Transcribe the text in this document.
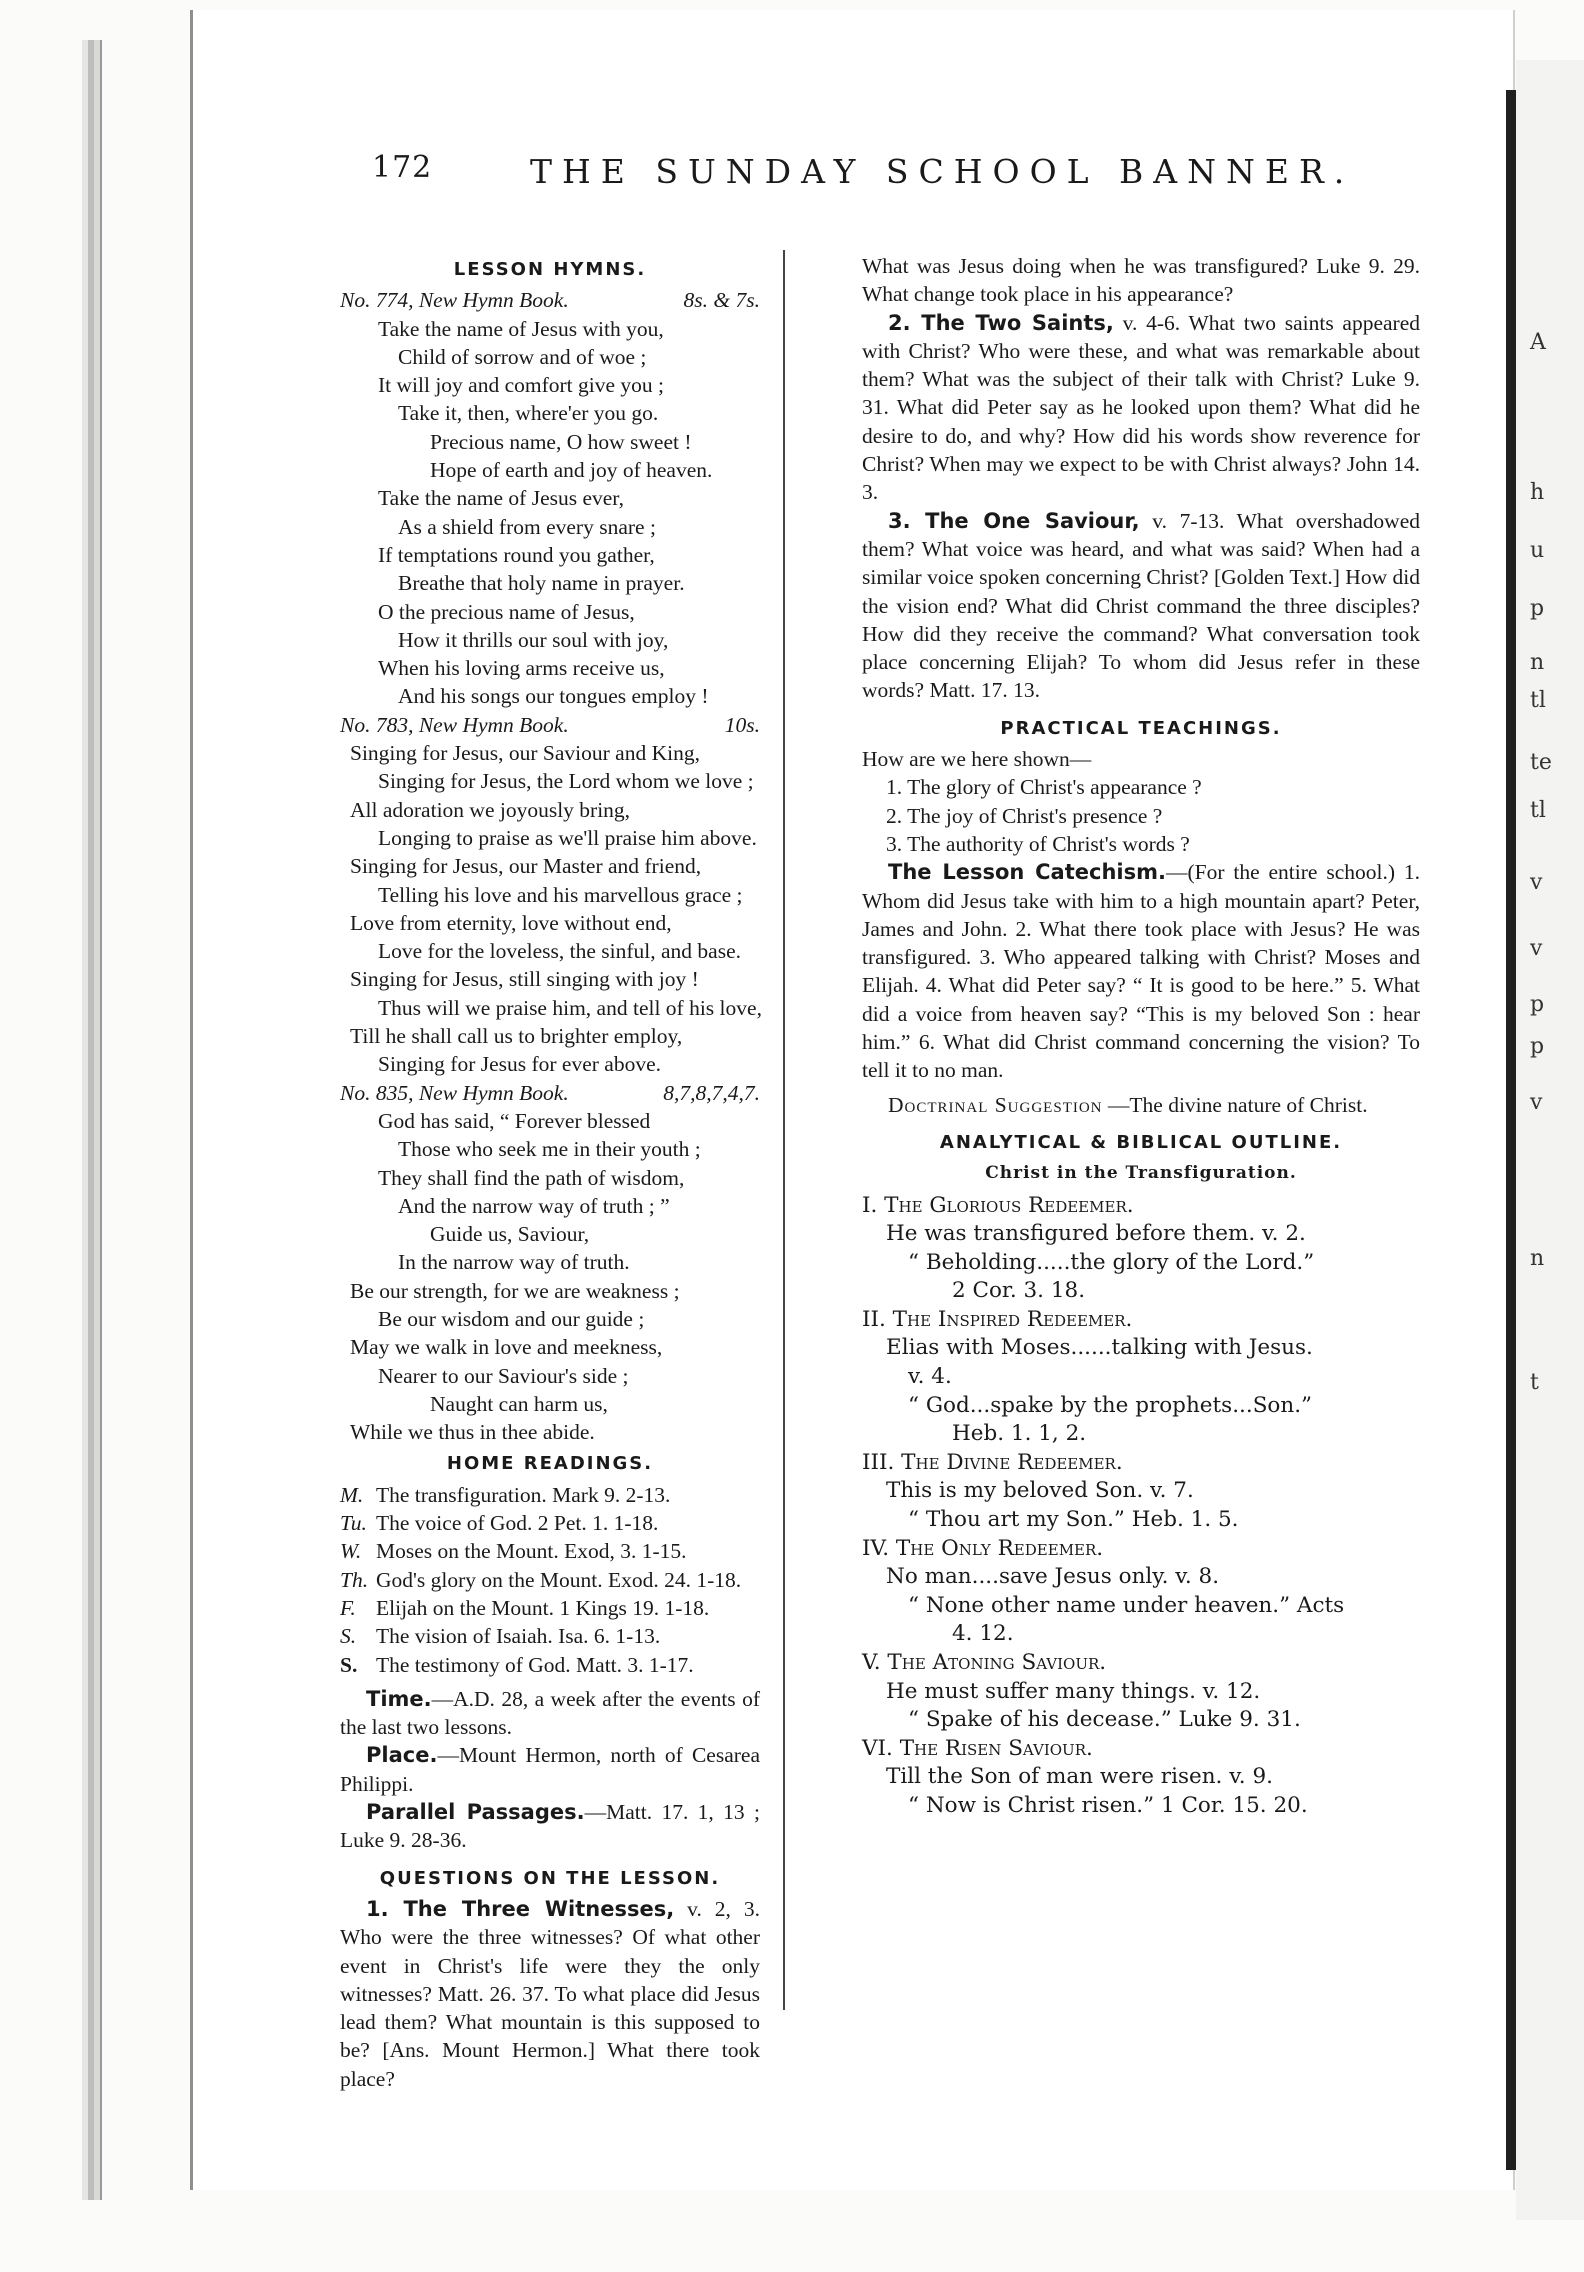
A
h
u
p
n
tl
te
tl
v
v
p
p
v
n
t
172	THE SUNDAY SCHOOL BANNER.
LESSON HYMNS.
No. 774, New Hymn Book.	8s. & 7s.
Take the name of Jesus with you,
Child of sorrow and of woe ;
It will joy and comfort give you ;
Take it, then, where'er you go.
Precious name, O how sweet !
Hope of earth and joy of heaven.
Take the name of Jesus ever,
As a shield from every snare ;
If temptations round you gather,
Breathe that holy name in prayer.
O the precious name of Jesus,
How it thrills our soul with joy,
When his loving arms receive us,
And his songs our tongues employ !
No. 783, New Hymn Book.	10s.
Singing for Jesus, our Saviour and King,
Singing for Jesus, the Lord whom we love ;
All adoration we joyously bring,
Longing to praise as we'll praise him above.
Singing for Jesus, our Master and friend,
Telling his love and his marvellous grace ;
Love from eternity, love without end,
Love for the loveless, the sinful, and base.
Singing for Jesus, still singing with joy !
Thus will we praise him, and tell of his love,
Till he shall call us to brighter employ,
Singing for Jesus for ever above.
No. 835, New Hymn Book.	8,7,8,7,4,7.
God has said, “ Forever blessed
Those who seek me in their youth ;
They shall find the path of wisdom,
And the narrow way of truth ; ”
Guide us, Saviour,
In the narrow way of truth.
Be our strength, for we are weakness ;
Be our wisdom and our guide ;
May we walk in love and meekness,
Nearer to our Saviour's side ;
Naught can harm us,
While we thus in thee abide.
HOME READINGS.
M. The transfiguration. Mark 9. 2-13.
Tu. The voice of God. 2 Pet. 1. 1-18.
W. Moses on the Mount. Exod, 3. 1-15.
Th. God's glory on the Mount. Exod. 24. 1-18.
F. Elijah on the Mount. 1 Kings 19. 1-18.
S. The vision of Isaiah. Isa. 6. 1-13.
S. The testimony of God. Matt. 3. 1-17.
Time.—A.D. 28, a week after the events of the last two lessons.
Place.—Mount Hermon, north of Cesarea Philippi.
Parallel Passages.—Matt. 17. 1, 13 ; Luke 9. 28-36.
QUESTIONS ON THE LESSON.
1. The Three Witnesses, v. 2, 3. Who were the three witnesses? Of what other event in Christ's life were they the only witnesses? Matt. 26. 37. To what place did Jesus lead them? What mountain is this supposed to be? [Ans. Mount Hermon.] What there took place?
What was Jesus doing when he was transfigured? Luke 9. 29. What change took place in his appearance?
2. The Two Saints, v. 4-6. What two saints appeared with Christ? Who were these, and what was remarkable about them? What was the subject of their talk with Christ? Luke 9. 31. What did Peter say as he looked upon them? What did he desire to do, and why? How did his words show reverence for Christ? When may we expect to be with Christ always? John 14. 3.
3. The One Saviour, v. 7-13. What overshadowed them? What voice was heard, and what was said? When had a similar voice spoken concerning Christ? [Golden Text.] How did the vision end? What did Christ command the three disciples? How did they receive the command? What conversation took place concerning Elijah? To whom did Jesus refer in these words? Matt. 17. 13.
PRACTICAL TEACHINGS.
How are we here shown—
1. The glory of Christ's appearance ?
2. The joy of Christ's presence ?
3. The authority of Christ's words ?
The Lesson Catechism.—(For the entire school.) 1. Whom did Jesus take with him to a high mountain apart? Peter, James and John. 2. What there took place with Jesus? He was transfigured. 3. Who appeared talking with Christ? Moses and Elijah. 4. What did Peter say? “ It is good to be here.” 5. What did a voice from heaven say? “This is my beloved Son : hear him.” 6. What did Christ command concerning the vision? To tell it to no man.
Doctrinal Suggestion —The divine nature of Christ.
ANALYTICAL & BIBLICAL OUTLINE.
Christ in the Transfiguration.
I. The Glorious Redeemer.
He was transfigured before them. v. 2.
“ Beholding.....the glory of the Lord.”
2 Cor. 3. 18.
II. The Inspired Redeemer.
Elias with Moses......talking with Jesus.
v. 4.
“ God...spake by the prophets...Son.”
Heb. 1. 1, 2.
III. The Divine Redeemer.
This is my beloved Son. v. 7.
“ Thou art my Son.” Heb. 1. 5.
IV. The Only Redeemer.
No man....save Jesus only. v. 8.
“ None other name under heaven.” Acts
4. 12.
V. The Atoning Saviour.
He must suffer many things. v. 12.
“ Spake of his decease.” Luke 9. 31.
VI. The Risen Saviour.
Till the Son of man were risen. v. 9.
“ Now is Christ risen.” 1 Cor. 15. 20.
